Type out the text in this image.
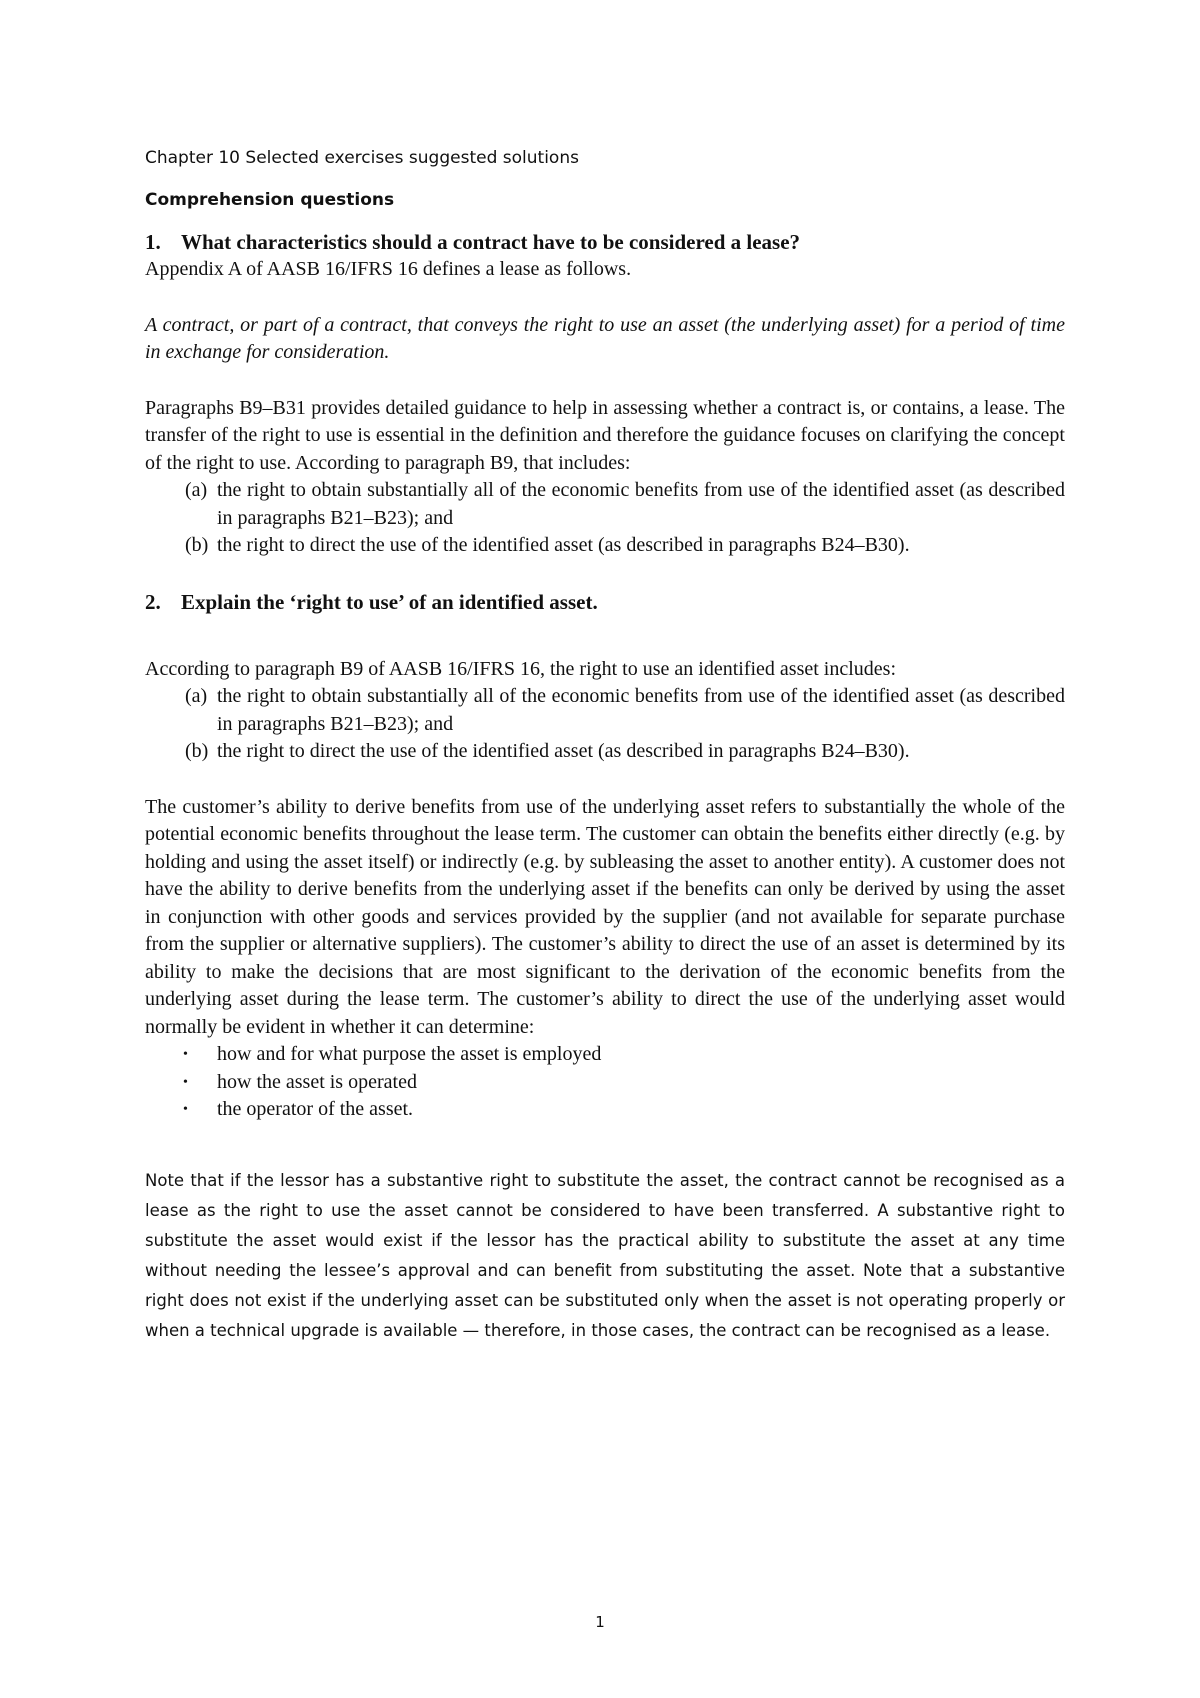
Chapter 10 Selected exercises suggested solutions

Comprehension questions

1. What characteristics should a contract have to be considered a lease?

Appendix A of AASB 16/IFRS 16 defines a lease as follows.

A contract, or part of a contract, that conveys the right to use an asset (the underlying asset) for a period of time in exchange for consideration.

Paragraphs B9–B31 provides detailed guidance to help in assessing whether a contract is, or contains, a lease. The transfer of the right to use is essential in the definition and therefore the guidance focuses on clarifying the concept of the right to use. According to paragraph B9, that includes:

(a) the right to obtain substantially all of the economic benefits from use of the identified asset (as described in paragraphs B21–B23); and
(b) the right to direct the use of the identified asset (as described in paragraphs B24–B30).
2. Explain the ‘right to use’ of an identified asset.

According to paragraph B9 of AASB 16/IFRS 16, the right to use an identified asset includes:

(a) the right to obtain substantially all of the economic benefits from use of the identified asset (as described in paragraphs B21–B23); and
(b) the right to direct the use of the identified asset (as described in paragraphs B24–B30).

The customer’s ability to derive benefits from use of the underlying asset refers to substantially the whole of the potential economic benefits throughout the lease term. The customer can obtain the benefits either directly (e.g. by holding and using the asset itself) or indirectly (e.g. by subleasing the asset to another entity). A customer does not have the ability to derive benefits from the underlying asset if the benefits can only be derived by using the asset in conjunction with other goods and services provided by the supplier (and not available for separate purchase from the supplier or alternative suppliers). The customer’s ability to direct the use of an asset is determined by its ability to make the decisions that are most significant to the derivation of the economic benefits from the underlying asset during the lease term. The customer’s ability to direct the use of the underlying asset would normally be evident in whether it can determine:

•	how and for what purpose the asset is employed
•	how the asset is operated
•	the operator of the asset.

Note that if the lessor has a substantive right to substitute the asset, the contract cannot be recognised as a lease as the right to use the asset cannot be considered to have been transferred. A substantive right to substitute the asset would exist if the lessor has the practical ability to substitute the asset at any time without needing the lessee’s approval and can benefit from substituting the asset. Note that a substantive right does not exist if the underlying asset can be substituted only when the asset is not operating properly or when a technical upgrade is available — therefore, in those cases, the contract can be recognised as a lease.

1
